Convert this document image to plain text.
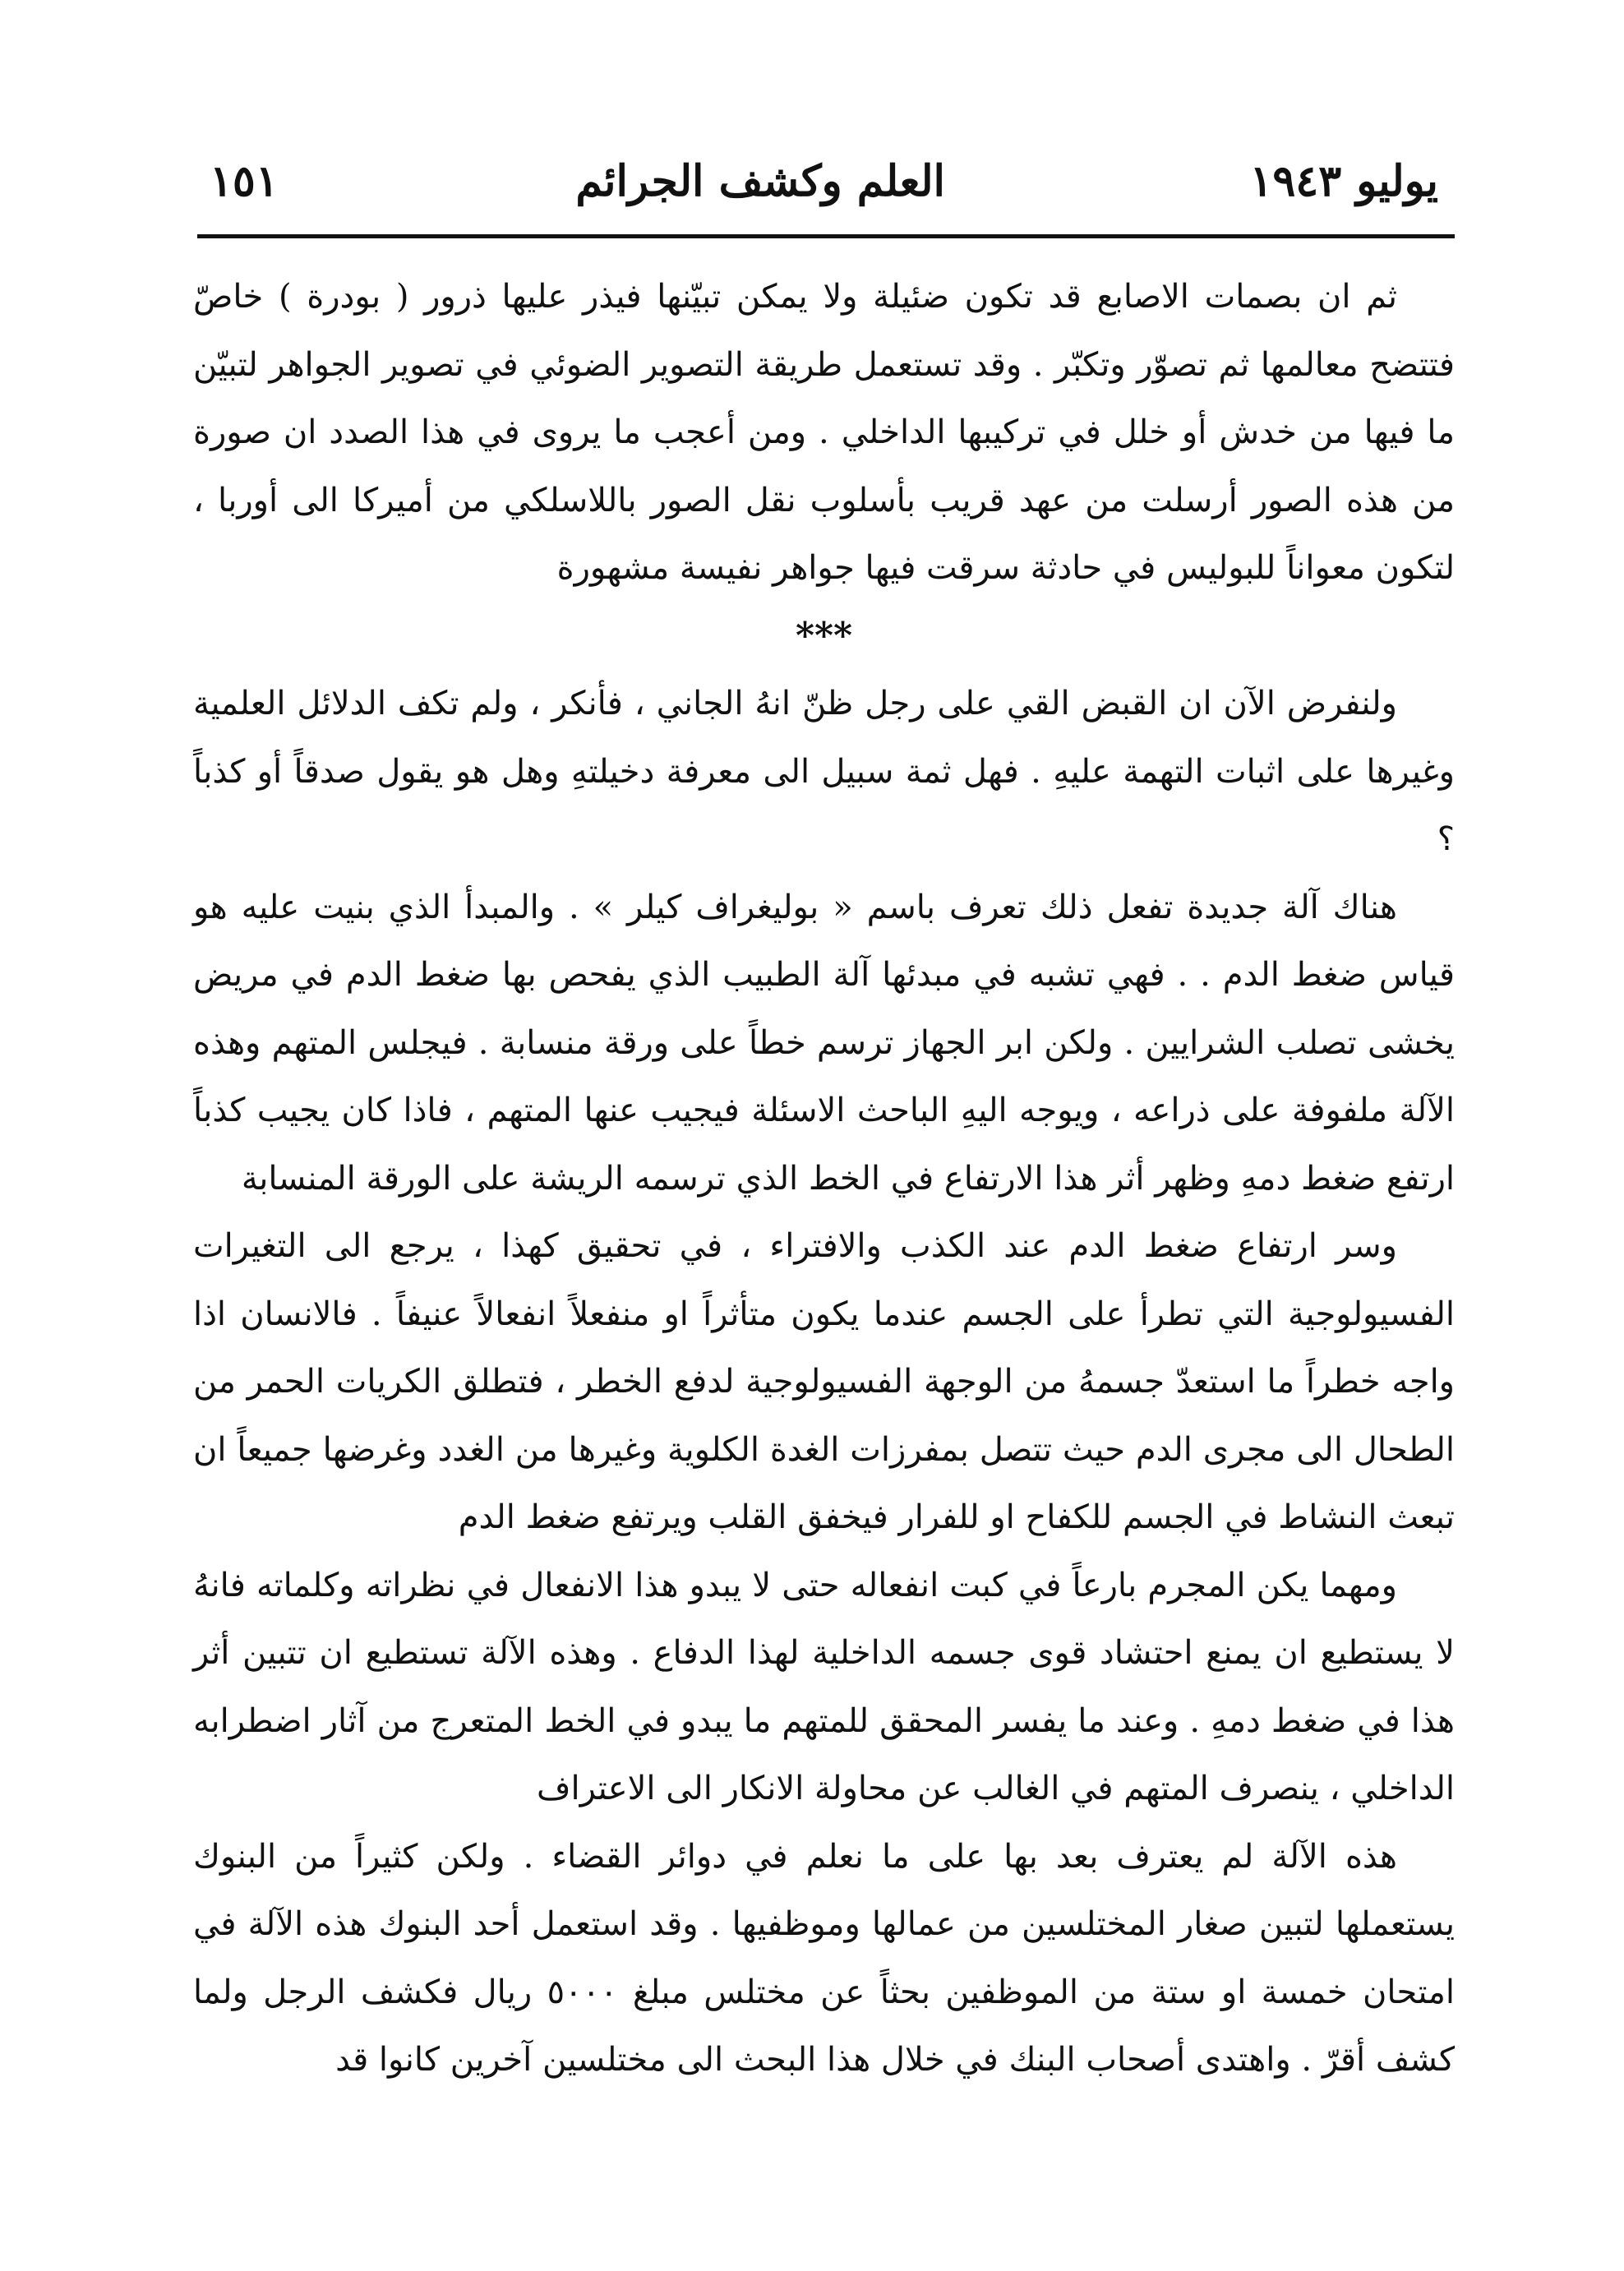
يوليو ١٩٤٣
العلم وكشف الجرائم
١٥١

ثم ان بصمات الاصابع قد تكون ضئيلة ولا يمكن تبيّنها فيذر عليها ذرور ( بودرة ) خاصّ فتتضح معالمها ثم تصوّر وتكبّر . وقد تستعمل طريقة التصوير الضوئي في تصوير الجواهر لتبيّن ما فيها من خدش أو خلل في تركيبها الداخلي . ومن أعجب ما يروى في هذا الصدد ان صورة من هذه الصور أرسلت من عهد قريب بأسلوب نقل الصور باللاسلكي من أميركا الى أوربا ، لتكون معواناً للبوليس في حادثة سرقت فيها جواهر نفيسة مشهورة

***

ولنفرض الآن ان القبض القي على رجل ظنّ انهُ الجاني ، فأنكر ، ولم تكف الدلائل العلمية وغيرها على اثبات التهمة عليهِ . فهل ثمة سبيل الى معرفة دخيلتهِ وهل هو يقول صدقاً أو كذباً ؟

هناك آلة جديدة تفعل ذلك تعرف باسم « بوليغراف كيلر » . والمبدأ الذي بنيت عليه هو قياس ضغط الدم . . فهي تشبه في مبدئها آلة الطبيب الذي يفحص بها ضغط الدم في مريض يخشى تصلب الشرايين . ولكن ابر الجهاز ترسم خطاً على ورقة منسابة . فيجلس المتهم وهذه الآلة ملفوفة على ذراعه ، ويوجه اليهِ الباحث الاسئلة فيجيب عنها المتهم ، فاذا كان يجيب كذباً ارتفع ضغط دمهِ وظهر أثر هذا الارتفاع في الخط الذي ترسمه الريشة على الورقة المنسابة

وسر ارتفاع ضغط الدم عند الكذب والافتراء ، في تحقيق كهذا ، يرجع الى التغيرات الفسيولوجية التي تطرأ على الجسم عندما يكون متأثراً او منفعلاً انفعالاً عنيفاً . فالانسان اذا واجه خطراً ما استعدّ جسمهُ من الوجهة الفسيولوجية لدفع الخطر ، فتطلق الكريات الحمر من الطحال الى مجرى الدم حيث تتصل بمفرزات الغدة الكلوية وغيرها من الغدد وغرضها جميعاً ان تبعث النشاط في الجسم للكفاح او للفرار فيخفق القلب ويرتفع ضغط الدم

ومهما يكن المجرم بارعاً في كبت انفعاله حتى لا يبدو هذا الانفعال في نظراته وكلماته فانهُ لا يستطيع ان يمنع احتشاد قوى جسمه الداخلية لهذا الدفاع . وهذه الآلة تستطيع ان تتبين أثر هذا في ضغط دمهِ . وعند ما يفسر المحقق للمتهم ما يبدو في الخط المتعرج من آثار اضطرابه الداخلي ، ينصرف المتهم في الغالب عن محاولة الانكار الى الاعتراف

هذه الآلة لم يعترف بعد بها على ما نعلم في دوائر القضاء . ولكن كثيراً من البنوك يستعملها لتبين صغار المختلسين من عمالها وموظفيها . وقد استعمل أحد البنوك هذه الآلة في امتحان خمسة او ستة من الموظفين بحثاً عن مختلس مبلغ ٥٠٠٠ ريال فكشف الرجل ولما كشف أقرّ . واهتدى أصحاب البنك في خلال هذا البحث الى مختلسين آخرين كانوا قد
